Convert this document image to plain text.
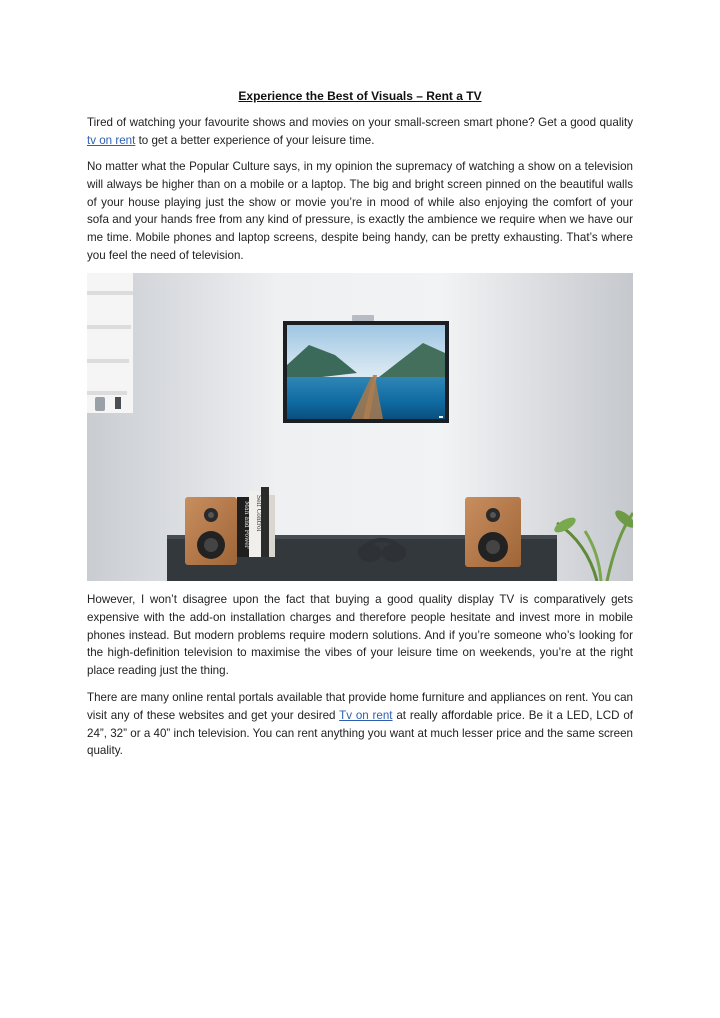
Experience the Best of Visuals – Rent a TV

Tired of watching your favourite shows and movies on your small-screen smart phone? Get a good quality tv on rent to get a better experience of your leisure time.

No matter what the Popular Culture says, in my opinion the supremacy of watching a show on a television will always be higher than on a mobile or a laptop. The big and bright screen pinned on the beautiful walls of your house playing just the show or movie you’re in mood of while also enjoying the comfort of your sofa and your hands free from any kind of pressure, is exactly the ambience we require when we have our me time. Mobile phones and laptop screens, despite being handy, can be pretty exhausting. That’s where you feel the need of television.

Man and Power Self Control

However, I won’t disagree upon the fact that buying a good quality display TV is comparatively gets expensive with the add-on installation charges and therefore people hesitate and invest more in mobile phones instead. But modern problems require modern solutions. And if you’re someone who’s looking for the high-definition television to maximise the vibes of your leisure time on weekends, you’re at the right place reading just the thing.

There are many online rental portals available that provide home furniture and appliances on rent. You can visit any of these websites and get your desired Tv on rent at really affordable price. Be it a LED, LCD of 24”, 32” or a 40” inch television. You can rent anything you want at much lesser price and the same screen quality.
